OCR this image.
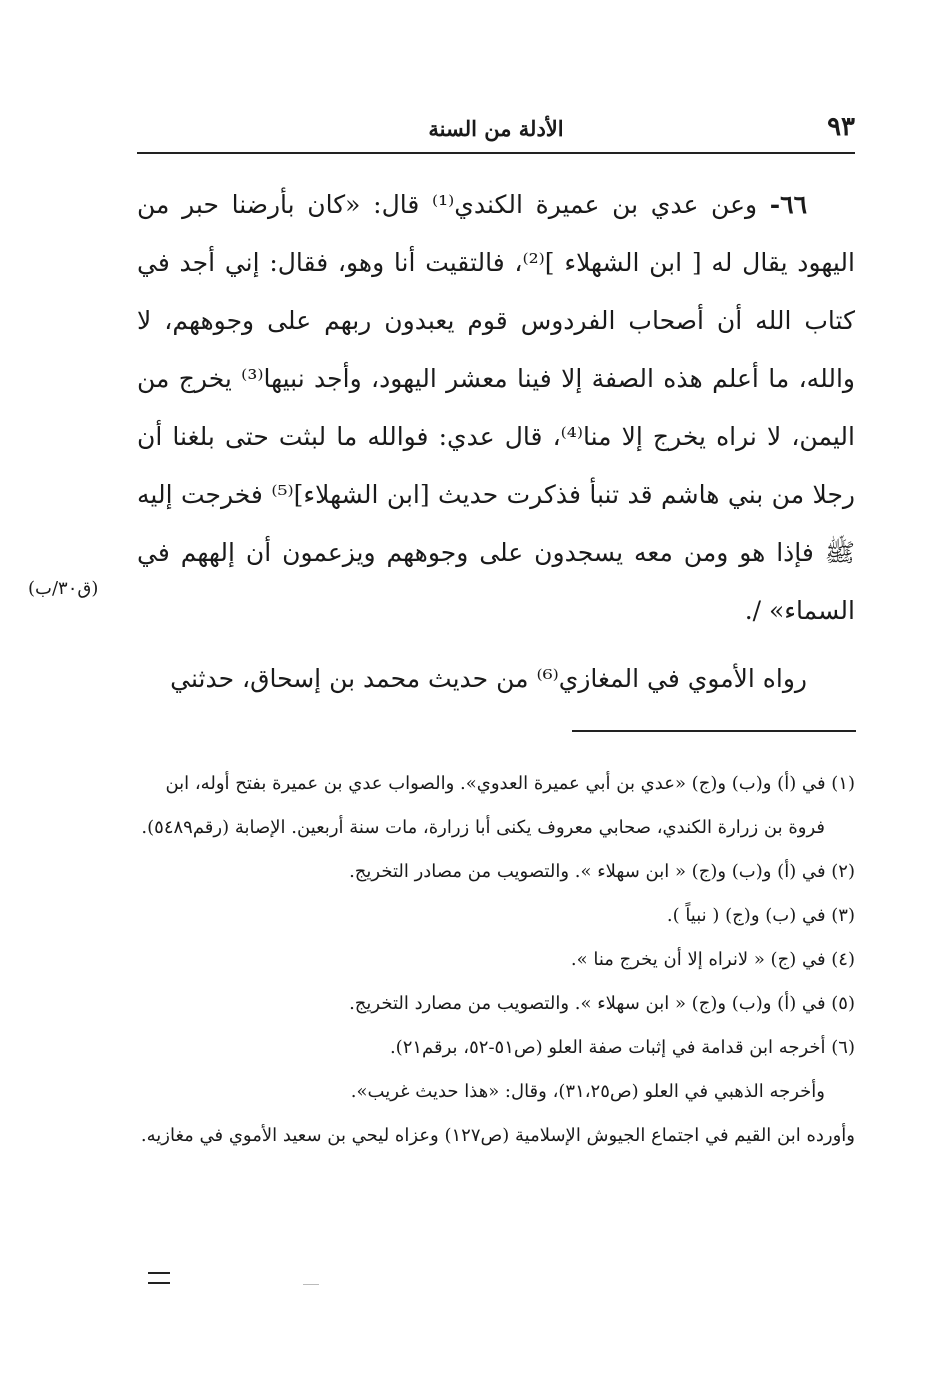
٩٣
الأدلة من السنة

٦٦- وعن عدي بن عميرة الكندي⁽¹⁾ قال: «كان بأرضنا حبر من اليهود يقال له [ ابن الشهلاء ]⁽²⁾، فالتقيت أنا وهو، فقال: إني أجد في كتاب الله أن أصحاب الفردوس قوم يعبدون ربهم على وجوههم، لا والله، ما أعلم هذه الصفة إلا فينا معشر اليهود، وأجد نبيها⁽³⁾ يخرج من اليمن، لا نراه يخرج إلا منا⁽⁴⁾، قال عدي: فوالله ما لبثت حتى بلغنا أن رجلا من بني هاشم قد تنبأ فذكرت حديث [ابن الشهلاء]⁽⁵⁾ فخرجت إليه ﷺ فإذا هو ومن معه يسجدون على وجوههم ويزعمون أن إلههم في السماء» /.

رواه الأموي في المغازي⁽⁶⁾ من حديث محمد بن إسحاق، حدثني

(ق٣٠/ب)

(١) في (أ) و(ب) و(ج) «عدي بن أبي عميرة العدوي». والصواب عدي بن عميرة بفتح أوله، ابن فروة بن زرارة الكندي، صحابي معروف يكنى أبا زرارة، مات سنة أربعين. الإصابة (رقم٥٤٨٩).

(٢) في (أ) و(ب) و(ج) « ابن سهلاء ». والتصويب من مصادر التخريج.

(٣) في (ب) و(ج) ( نبياً ).

(٤) في (ج) « لانراه إلا أن يخرج منا ».

(٥) في (أ) و(ب) و(ج) « ابن سهلاء ». والتصويب من مصارد التخريج.

(٦) أخرجه ابن قدامة في إثبات صفة العلو (ص٥١-٥٢، برقم٢١).

وأخرجه الذهبي في العلو (ص٣١،٢٥)، وقال: «هذا حديث غريب».

وأورده ابن القيم في اجتماع الجيوش الإسلامية (ص١٢٧) وعزاه ليحي بن سعيد الأموي في مغازيه.
